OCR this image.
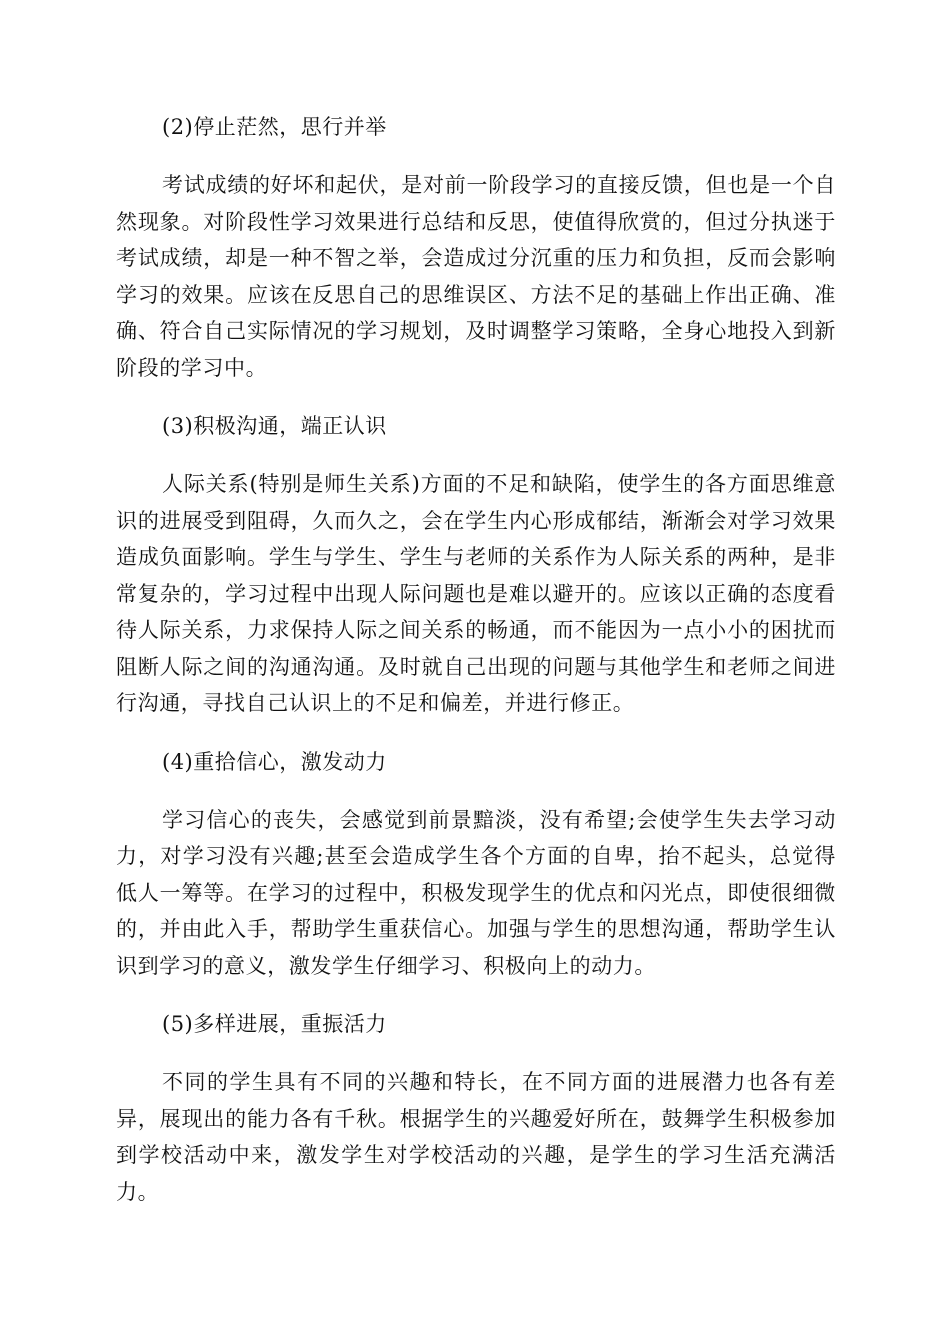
(2)停止茫然，思行并举

考试成绩的好坏和起伏，是对前一阶段学习的直接反馈，但也是一个自然现象。对阶段性学习效果进行总结和反思，使值得欣赏的，但过分执迷于考试成绩，却是一种不智之举，会造成过分沉重的压力和负担，反而会影响学习的效果。应该在反思自己的思维误区、方法不足的基础上作出正确、准确、符合自己实际情况的学习规划，及时调整学习策略，全身心地投入到新阶段的学习中。

(3)积极沟通，端正认识

人际关系(特别是师生关系)方面的不足和缺陷，使学生的各方面思维意识的进展受到阻碍，久而久之，会在学生内心形成郁结，渐渐会对学习效果造成负面影响。学生与学生、学生与老师的关系作为人际关系的两种，是非常复杂的，学习过程中出现人际问题也是难以避开的。应该以正确的态度看待人际关系，力求保持人际之间关系的畅通，而不能因为一点小小的困扰而阻断人际之间的沟通沟通。及时就自己出现的问题与其他学生和老师之间进行沟通，寻找自己认识上的不足和偏差，并进行修正。

(4)重拾信心，激发动力

学习信心的丧失，会感觉到前景黯淡，没有希望;会使学生失去学习动力，对学习没有兴趣;甚至会造成学生各个方面的自卑，抬不起头，总觉得低人一筹等。在学习的过程中，积极发现学生的优点和闪光点，即使很细微的，并由此入手，帮助学生重获信心。加强与学生的思想沟通，帮助学生认识到学习的意义，激发学生仔细学习、积极向上的动力。

(5)多样进展，重振活力

不同的学生具有不同的兴趣和特长，在不同方面的进展潜力也各有差异，展现出的能力各有千秋。根据学生的兴趣爱好所在，鼓舞学生积极参加到学校活动中来，激发学生对学校活动的兴趣，是学生的学习生活充满活力。
